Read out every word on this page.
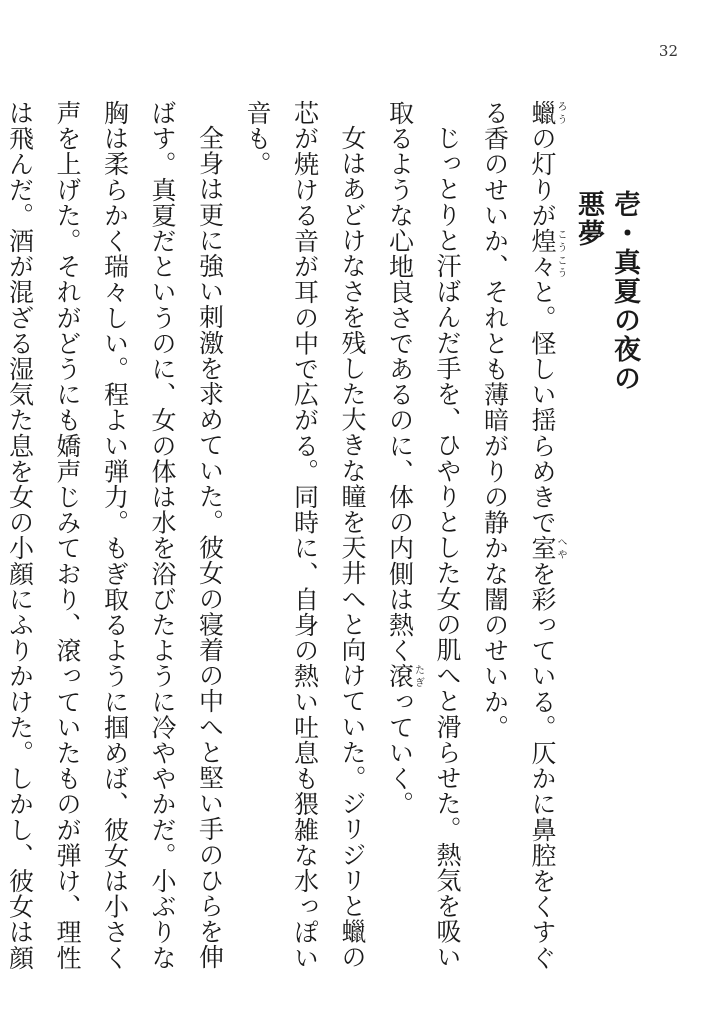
32
壱・真夏の夜の悪夢

蠟ろうの灯りが煌々こうこうと。怪しい揺らめきで室へやを彩っている。仄かに鼻腔をくすぐる香のせいか、それとも薄暗がりの静かな闇のせいか。

じっとりと汗ばんだ手を、ひやりとした女の肌へと滑らせた。熱気を吸い取るような心地良さであるのに、体の内側は熱く滾たぎっていく。

女はあどけなさを残した大きな瞳を天井へと向けていた。ジリジリと蠟の芯が焼ける音が耳の中で広がる。同時に、自身の熱い吐息も猥雑な水っぽい音も。

全身は更に強い刺激を求めていた。彼女の寝着の中へと堅い手のひらを伸ばす。真夏だというのに、女の体は水を浴びたように冷ややかだ。小ぶりな胸は柔らかく瑞々しい。程よい弾力。もぎ取るように掴めば、彼女は小さく声を上げた。それがどうにも嬌声じみており、滾っていたものが弾け、理性は飛んだ。酒が混ざる湿気た息を女の小顔にふりかけた。しかし、彼女は顔
